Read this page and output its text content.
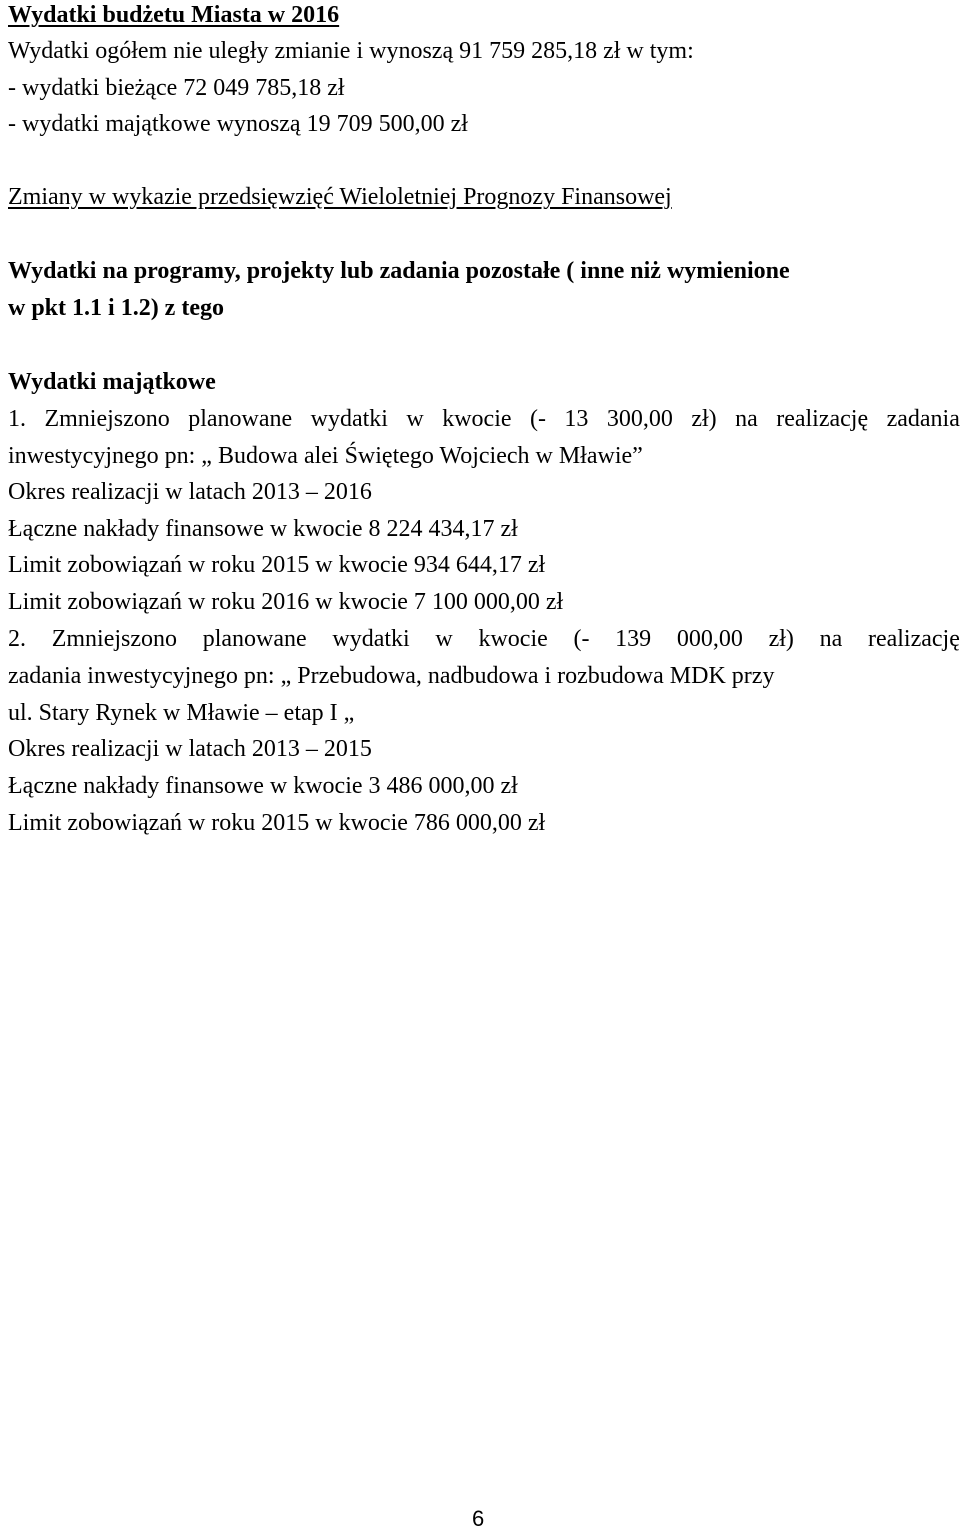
Wydatki budżetu Miasta w 2016

Wydatki ogółem nie uległy zmianie i wynoszą 91 759 285,18 zł w tym:

- wydatki bieżące 72 049 785,18 zł

- wydatki majątkowe wynoszą 19 709 500,00 zł

Zmiany w wykazie przedsięwzięć Wieloletniej Prognozy Finansowej

Wydatki na programy, projekty lub zadania pozostałe ( inne niż wymienione

w pkt 1.1 i 1.2) z tego

Wydatki majątkowe

1. Zmniejszono planowane wydatki w kwocie (- 13 300,00 zł) na realizację zadania

inwestycyjnego pn: „ Budowa alei Świętego Wojciech w Mławie”

Okres realizacji w latach 2013 – 2016

Łączne nakłady finansowe w kwocie 8 224 434,17 zł

Limit zobowiązań w roku 2015 w kwocie 934 644,17 zł

Limit zobowiązań w roku 2016 w kwocie 7 100 000,00 zł

2. Zmniejszono planowane wydatki w kwocie (- 139 000,00 zł) na realizację

zadania inwestycyjnego pn: „ Przebudowa, nadbudowa i rozbudowa MDK przy

ul. Stary Rynek w Mławie – etap I „

Okres realizacji w latach 2013 – 2015

Łączne nakłady finansowe w kwocie 3 486 000,00 zł

Limit zobowiązań w roku 2015 w kwocie 786 000,00 zł

6
